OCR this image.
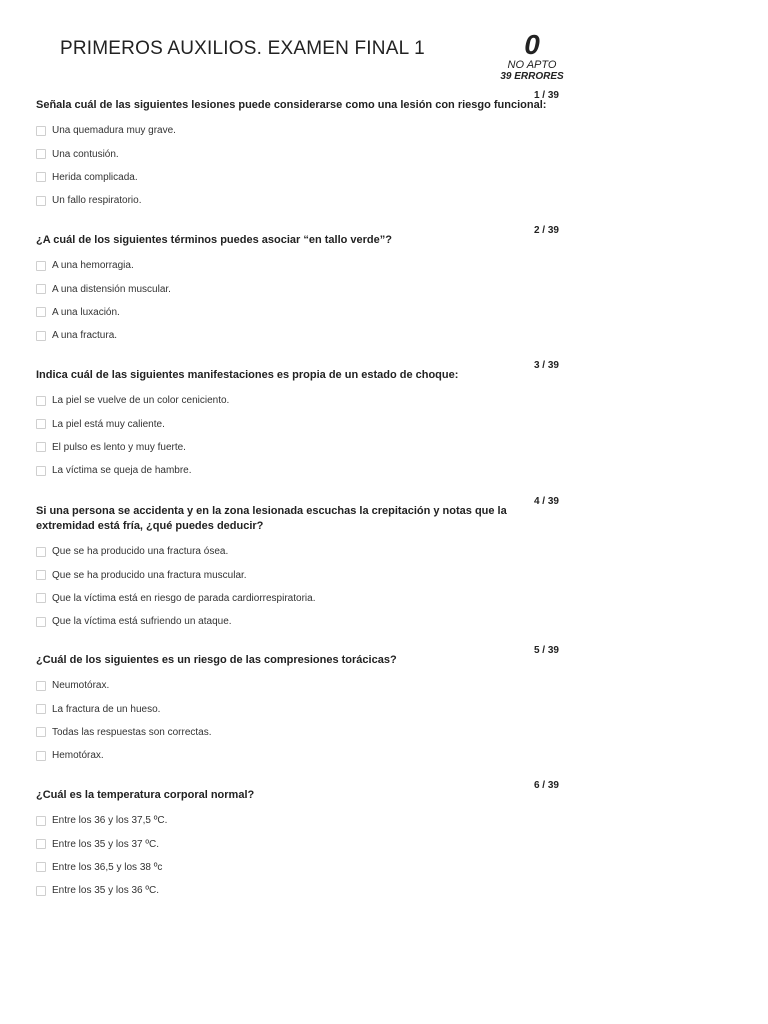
PRIMEROS AUXILIOS. EXAMEN FINAL 1	0
NO APTO
39 ERRORES
1 / 39
Señala cuál de las siguientes lesiones puede considerarse como una lesión con riesgo funcional:
Una quemadura muy grave.
Una contusión.
Herida complicada.
Un fallo respiratorio.
2 / 39
¿A cuál de los siguientes términos puedes asociar “en tallo verde”?
A una hemorragia.
A una distensión muscular.
A una luxación.
A una fractura.
3 / 39
Indica cuál de las siguientes manifestaciones es propia de un estado de choque:
La piel se vuelve de un color ceniciento.
La piel está muy caliente.
El pulso es lento y muy fuerte.
La víctima se queja de hambre.
4 / 39
Si una persona se accidenta y en la zona lesionada escuchas la crepitación y notas que la extremidad está fría, ¿qué puedes deducir?
Que se ha producido una fractura ósea.
Que se ha producido una fractura muscular.
Que la víctima está en riesgo de parada cardiorrespiratoria.
Que la víctima está sufriendo un ataque.
5 / 39
¿Cuál de los siguientes es un riesgo de las compresiones torácicas?
Neumotórax.
La fractura de un hueso.
Todas las respuestas son correctas.
Hemotórax.
6 / 39
¿Cuál es la temperatura corporal normal?
Entre los 36 y los 37,5 ºC.
Entre los 35 y los 37 ºC.
Entre los 36,5 y los 38 ºc
Entre los 35 y los 36 ºC.
